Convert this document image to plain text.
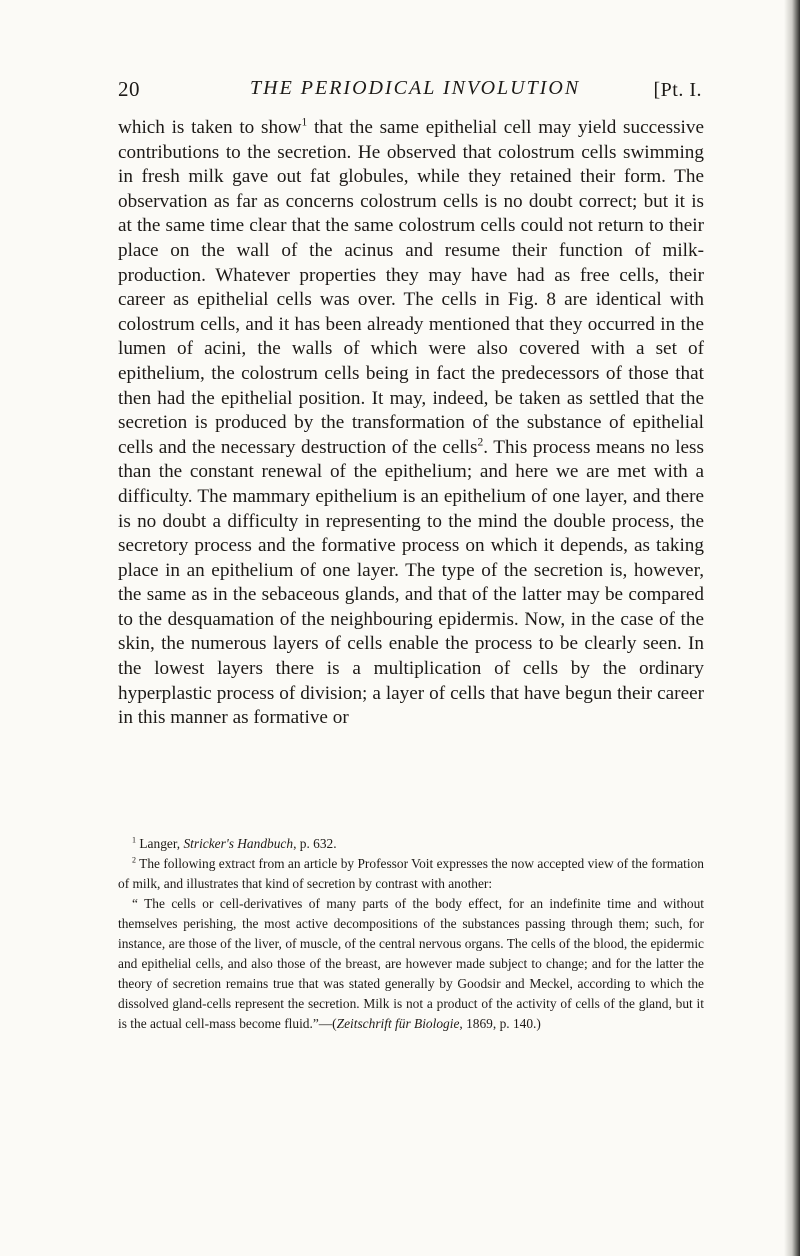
20	THE PERIODICAL INVOLUTION	[Pt. I.

which is taken to show$^1$ that the same epithelial cell may yield successive contributions to the secretion. He observed that colostrum cells swimming in fresh milk gave out fat globules, while they retained their form. The observation as far as concerns colostrum cells is no doubt correct; but it is at the same time clear that the same colostrum cells could not return to their place on the wall of the acinus and resume their function of milk-production. Whatever properties they may have had as free cells, their career as epithelial cells was over. The cells in Fig. 8 are identical with colostrum cells, and it has been already mentioned that they occurred in the lumen of acini, the walls of which were also covered with a set of epithelium, the colostrum cells being in fact the predecessors of those that then had the epithelial position. It may, indeed, be taken as settled that the secretion is produced by the transformation of the substance of epithelial cells and the necessary destruction of the cells$^2$. This process means no less than the constant renewal of the epithelium; and here we are met with a difficulty. The mammary epithelium is an epithelium of one layer, and there is no doubt a difficulty in representing to the mind the double process, the secretory process and the formative process on which it depends, as taking place in an epithelium of one layer. The type of the secretion is, however, the same as in the sebaceous glands, and that of the latter may be compared to the desquamation of the neighbouring epidermis. Now, in the case of the skin, the numerous layers of cells enable the process to be clearly seen. In the lowest layers there is a multiplication of cells by the ordinary hyperplastic process of division; a layer of cells that have begun their career in this manner as formative or

$^1$ Langer, Stricker's Handbuch, p. 632.

$^2$ The following extract from an article by Professor Voit expresses the now accepted view of the formation of milk, and illustrates that kind of secretion by contrast with another:

“ The cells or cell-derivatives of many parts of the body effect, for an indefinite time and without themselves perishing, the most active decompositions of the substances passing through them; such, for instance, are those of the liver, of muscle, of the central nervous organs. The cells of the blood, the epidermic and epithelial cells, and also those of the breast, are however made subject to change; and for the latter the theory of secretion remains true that was stated generally by Goodsir and Meckel, according to which the dissolved gland-cells represent the secretion. Milk is not a product of the activity of cells of the gland, but it is the actual cell-mass become fluid.”—(Zeitschrift für Biologie, 1869, p. 140.)
